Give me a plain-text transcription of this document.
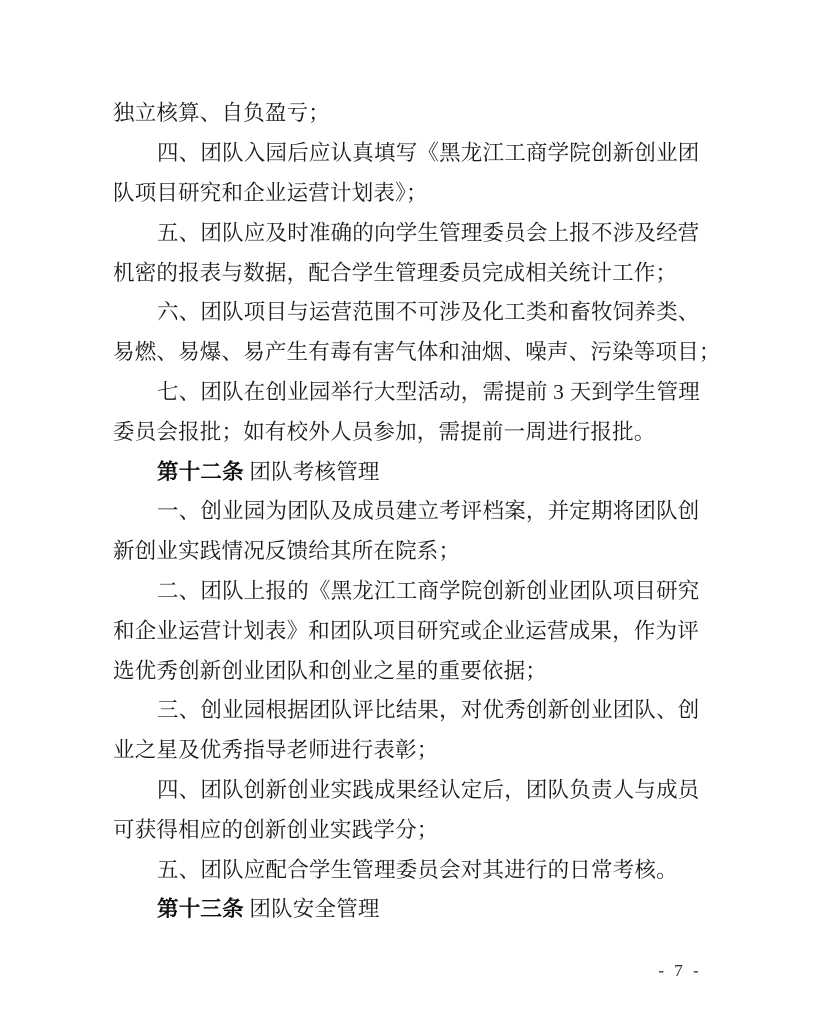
独立核算、自负盈亏；
四、团队入园后应认真填写《黑龙江工商学院创新创业团
队项目研究和企业运营计划表》；
五、团队应及时准确的向学生管理委员会上报不涉及经营
机密的报表与数据，配合学生管理委员完成相关统计工作；
六、团队项目与运营范围不可涉及化工类和畜牧饲养类、
易燃、易爆、易产生有毒有害气体和油烟、噪声、污染等项目；
七、团队在创业园举行大型活动，需提前 3 天到学生管理
委员会报批；如有校外人员参加，需提前一周进行报批。
第十二条 团队考核管理
一、创业园为团队及成员建立考评档案，并定期将团队创
新创业实践情况反馈给其所在院系；
二、团队上报的《黑龙江工商学院创新创业团队项目研究
和企业运营计划表》和团队项目研究或企业运营成果，作为评
选优秀创新创业团队和创业之星的重要依据；
三、创业园根据团队评比结果，对优秀创新创业团队、创
业之星及优秀指导老师进行表彰；
四、团队创新创业实践成果经认定后，团队负责人与成员
可获得相应的创新创业实践学分；
五、团队应配合学生管理委员会对其进行的日常考核。
第十三条 团队安全管理
- 7 -
